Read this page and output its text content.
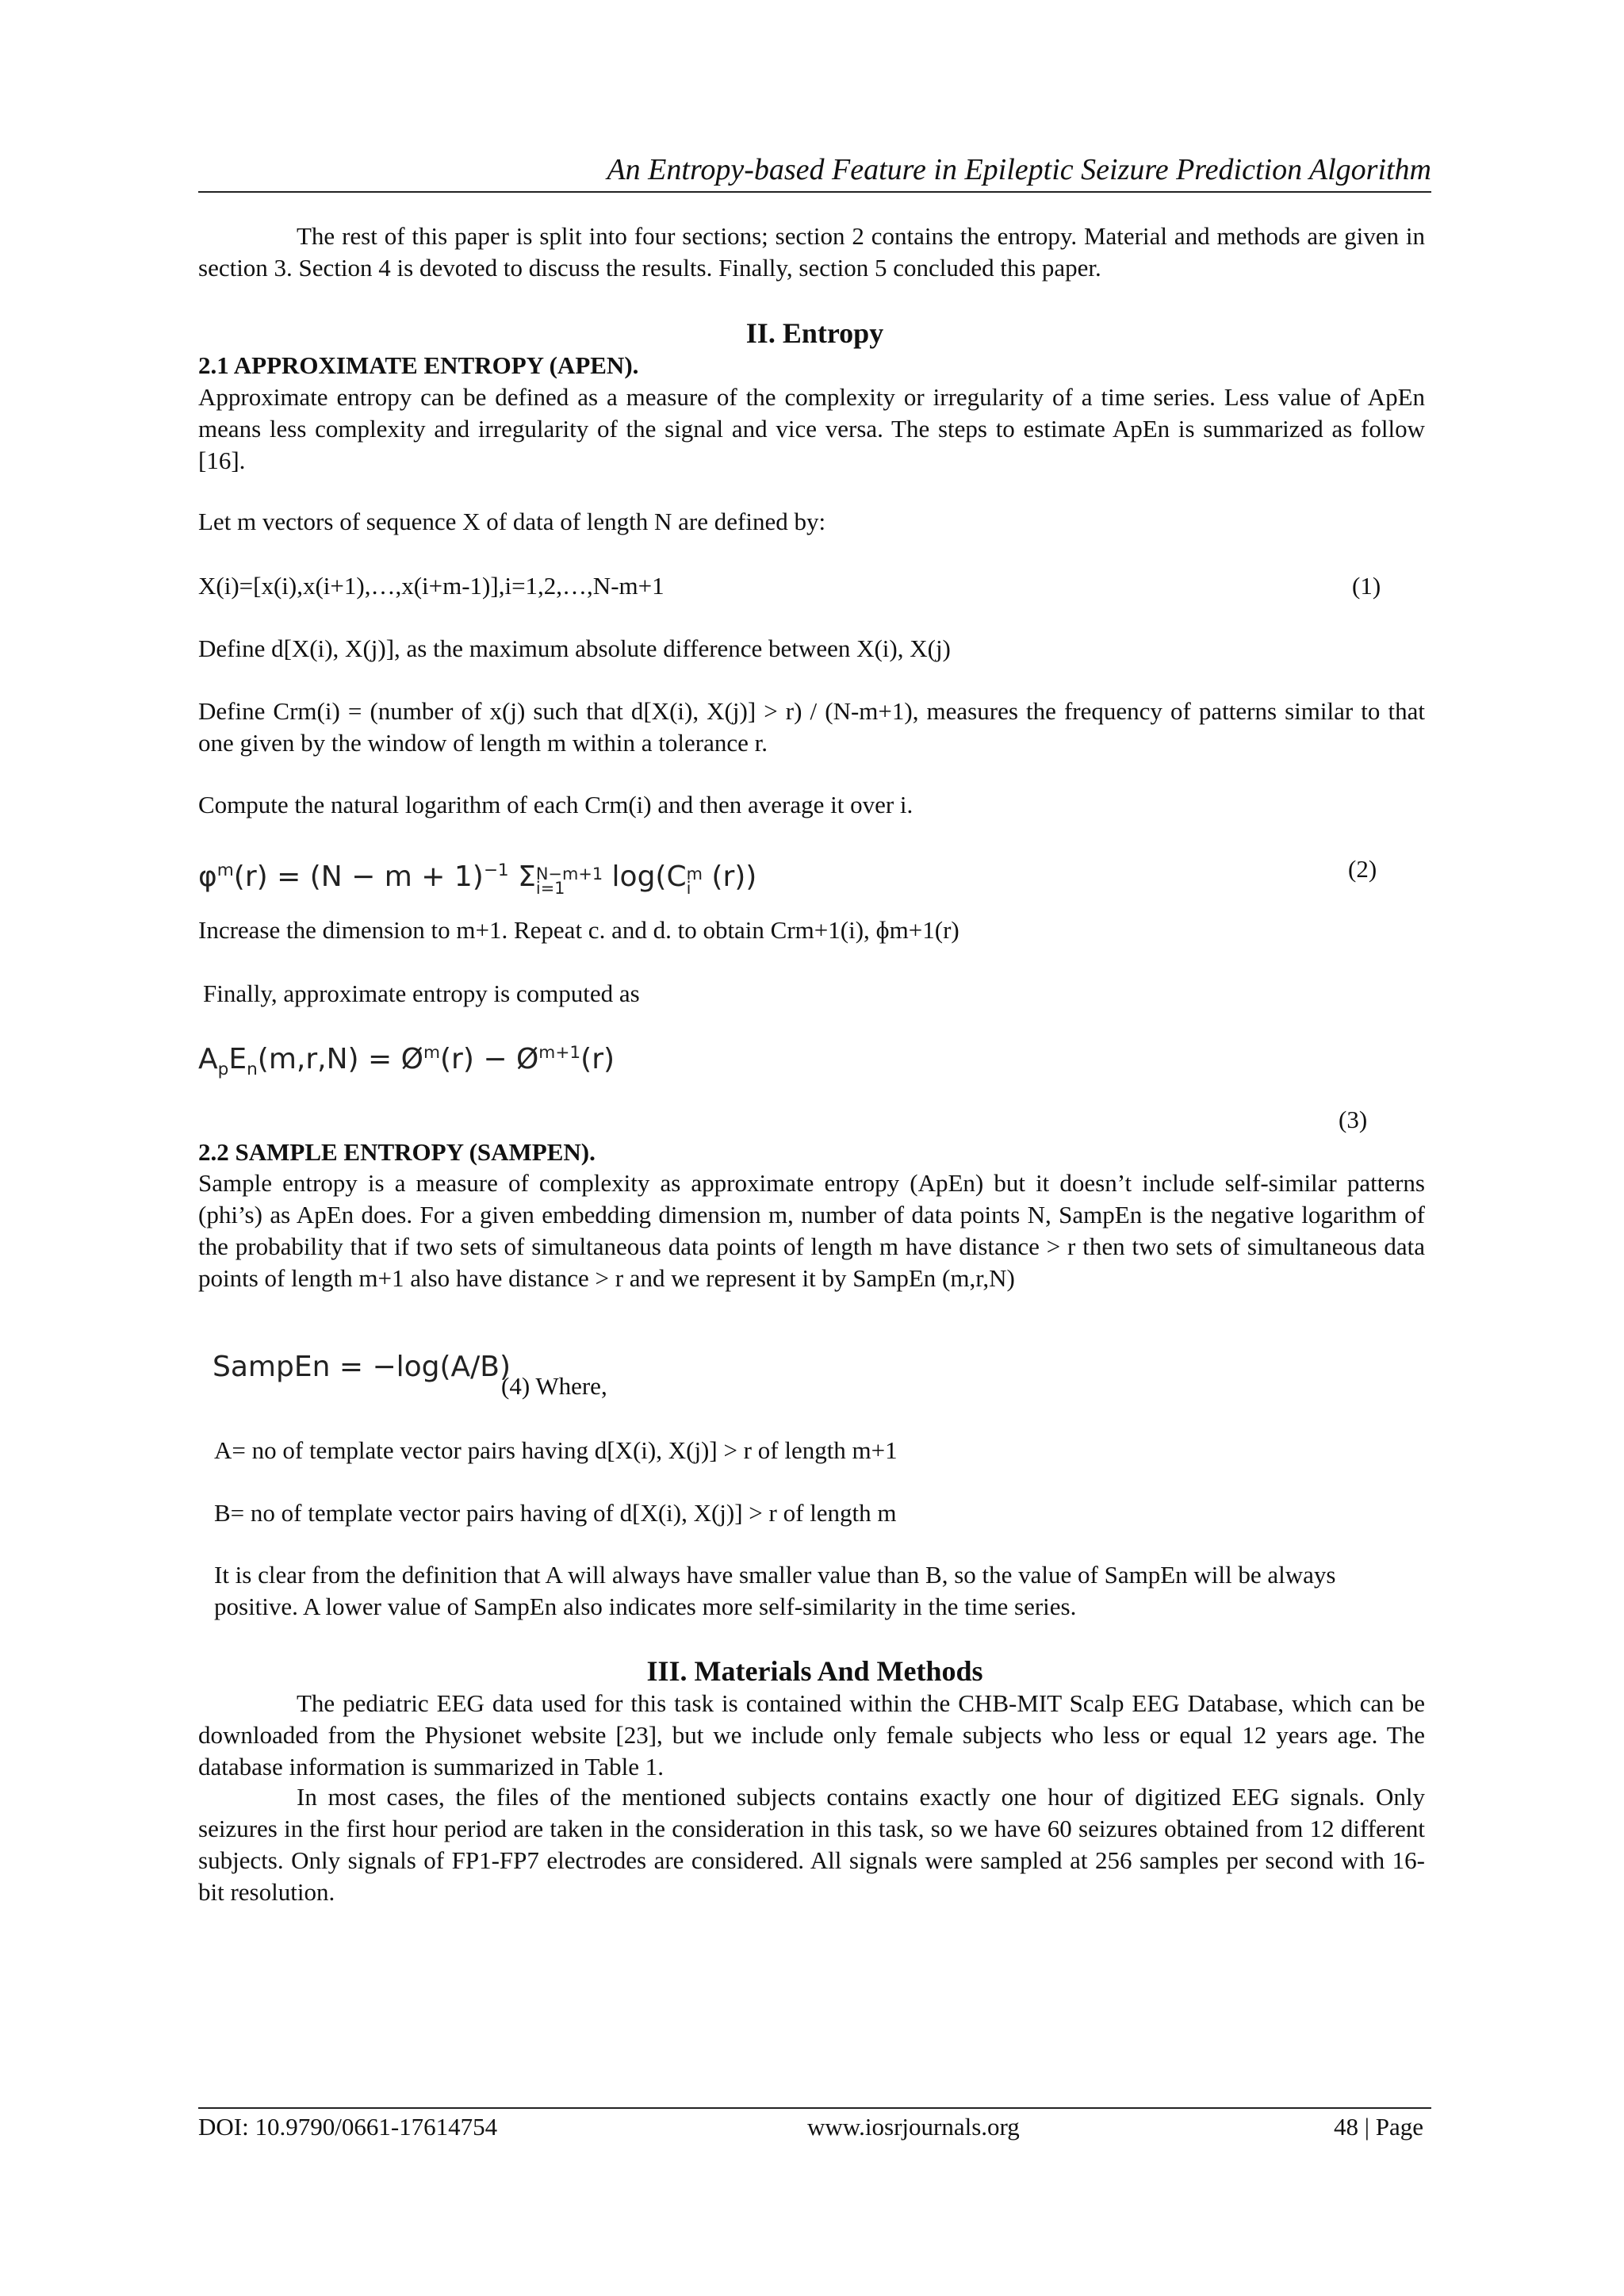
An Entropy-based Feature in Epileptic Seizure Prediction Algorithm
The rest of this paper is split into four sections; section 2 contains the entropy. Material and methods are given in section 3. Section 4 is devoted to discuss the results. Finally, section 5 concluded this paper.
II. Entropy
2.1 APPROXIMATE ENTROPY (APEN).
Approximate entropy can be defined as a measure of the complexity or irregularity of a time series. Less value of ApEn means less complexity and irregularity of the signal and vice versa. The steps to estimate ApEn is summarized as follow [16].
Let m vectors of sequence X of data of length N are defined by:
X(i)=[x(i),x(i+1),…,x(i+m-1)],i=1,2,…,N-m+1	(1)
Define d[X(i), X(j)], as the maximum absolute difference between X(i), X(j)
Define Crm(i) = (number of x(j) such that d[X(i), X(j)] > r) / (N-m+1), measures the frequency of patterns similar to that one given by the window of length m within a tolerance r.
Compute the natural logarithm of each Crm(i) and then average it over i.
$\varphi^m(r) = (N - m + 1)^{-1}$ ΣN−m+1
i=1 log(Cm
i (r))	(2)
Increase the dimension to m+1. Repeat c. and d. to obtain Crm+1(i), ɸm+1(r)
Finally, approximate entropy is computed as
$A_pE_n(m,r,N)$ = $Ø^m(r)$ − $Ø^{m+1}(r)$
(3)
2.2 SAMPLE ENTROPY (SAMPEN).
Sample entropy is a measure of complexity as approximate entropy (ApEn) but it doesn’t include self-similar patterns (phi’s) as ApEn does. For a given embedding dimension m, number of data points N, SampEn is the negative logarithm of the probability that if two sets of simultaneous data points of length m have distance > r then two sets of simultaneous data points of length m+1 also have distance > r and we represent it by SampEn (m,r,N)
SampEn = −log(A/B)
(4) Where,
A= no of template vector pairs having d[X(i), X(j)] > r of length m+1
B= no of template vector pairs having of d[X(i), X(j)] > r of length m
It is clear from the definition that A will always have smaller value than B, so the value of SampEn will be always positive. A lower value of SampEn also indicates more self-similarity in the time series.
III. Materials And Methods
The pediatric EEG data used for this task is contained within the CHB-MIT Scalp EEG Database, which can be downloaded from the Physionet website [23], but we include only female subjects who less or equal 12 years age. The database information is summarized in Table 1.
In most cases, the files of the mentioned subjects contains exactly one hour of digitized EEG signals. Only seizures in the first hour period are taken in the consideration in this task, so we have 60 seizures obtained from 12 different subjects. Only signals of FP1-FP7 electrodes are considered. All signals were sampled at 256 samples per second with 16-bit resolution.
DOI: 10.9790/0661-17614754	www.iosrjournals.org	48 | Page
